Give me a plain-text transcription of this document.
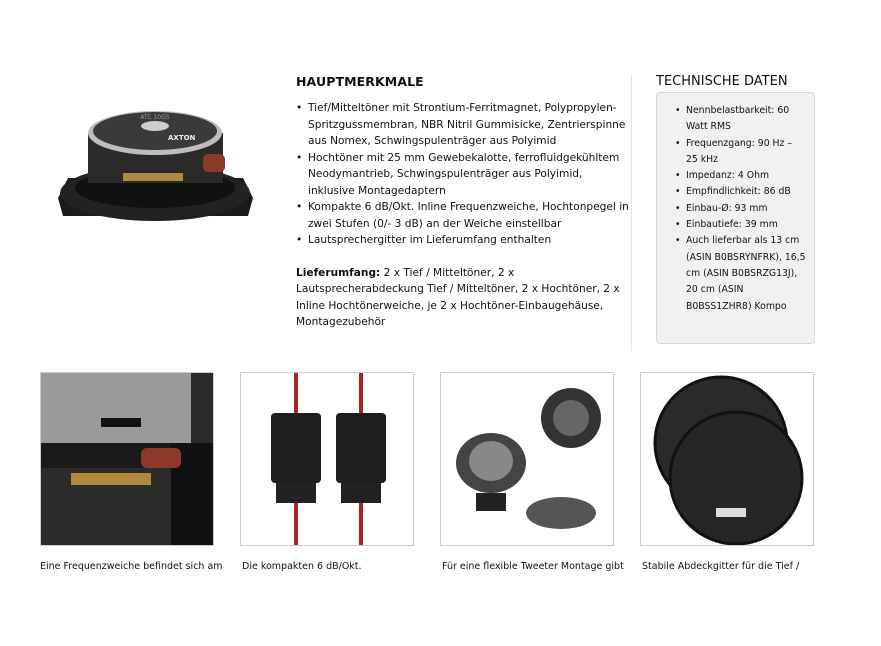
ATC 10G5
AXTON
HAUPTMERKMALE
• Tief/Mitteltöner mit Strontium-Ferritmagnet, Polypropylen-Spritzgussmembran, NBR Nitril Gummisicke, Zentrierspinne aus Nomex, Schwingspulenträger aus Polyimid
• Hochtöner mit 25 mm Gewebekalotte, ferrofluidgekühltem Neodymantrieb, Schwingspulenträger aus Polyimid, inklusive Montagedaptern
• Kompakte 6 dB/Okt. Inline Frequenzweiche, Hochtonpegel in zwei Stufen (0/- 3 dB) an der Weiche einstellbar
• Lautsprechergitter im Lieferumfang enthalten

Lieferumfang: 2 x Tief / Mitteltöner, 2 x Lautsprecherabdeckung Tief / Mitteltöner, 2 x Hochtöner, 2 x Inline Hochtönerweiche, je 2 x Hochtöner-Einbaugehäuse, Montagezubehör

TECHNISCHE DATEN
• Nennbelastbarkeit: 60 Watt RMS
• Frequenzgang: 90 Hz – 25 kHz
• Impedanz: 4 Ohm
• Empfindlichkeit: 86 dB
• Einbau-Ø: 93 mm
• Einbautiefe: 39 mm
• Auch lieferbar als 13 cm (ASIN B0BSRYNFRK), 16,5 cm (ASIN B0BSRZG13J), 20 cm (ASIN B0BSS1ZHR8) Kompo
Eine Frequenzweiche befindet sich am Die kompakten 6 dB/Okt.	Für eine flexible Tweeter Montage gibt Stabile Abdeckgitter für die Tief /
